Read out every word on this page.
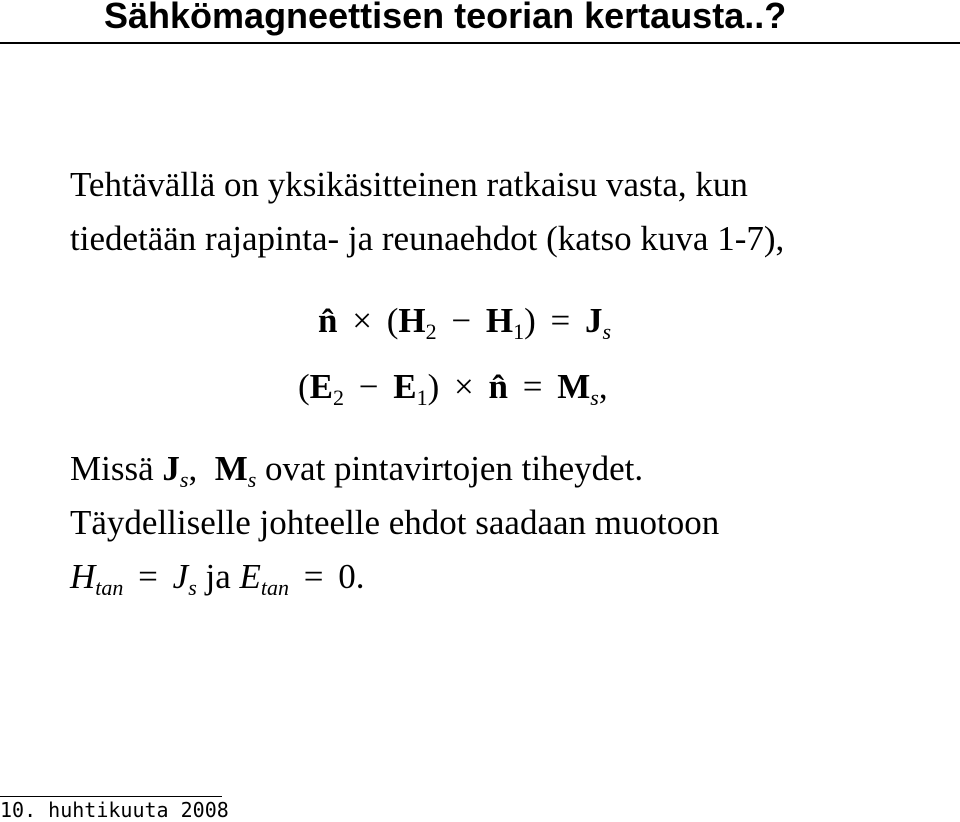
Sähkömagneettisen teorian kertausta..?
Tehtävällä on yksikäsitteinen ratkaisu vasta, kun
tiedetään rajapinta- ja reunaehdot (katso kuva 1-7),
n̂ × $(H_2 - H_1) = J_s$
$(E_2 - E_1)$ × n̂ = $M_s$,
Missä $J_s$, $M_s$ ovat pintavirtojen tiheydet.
Täydelliselle johteelle ehdot saadaan muotoon
$H_{tan} = J_s$ ja $E_{tan} = 0$.
10. huhtikuuta 2008
